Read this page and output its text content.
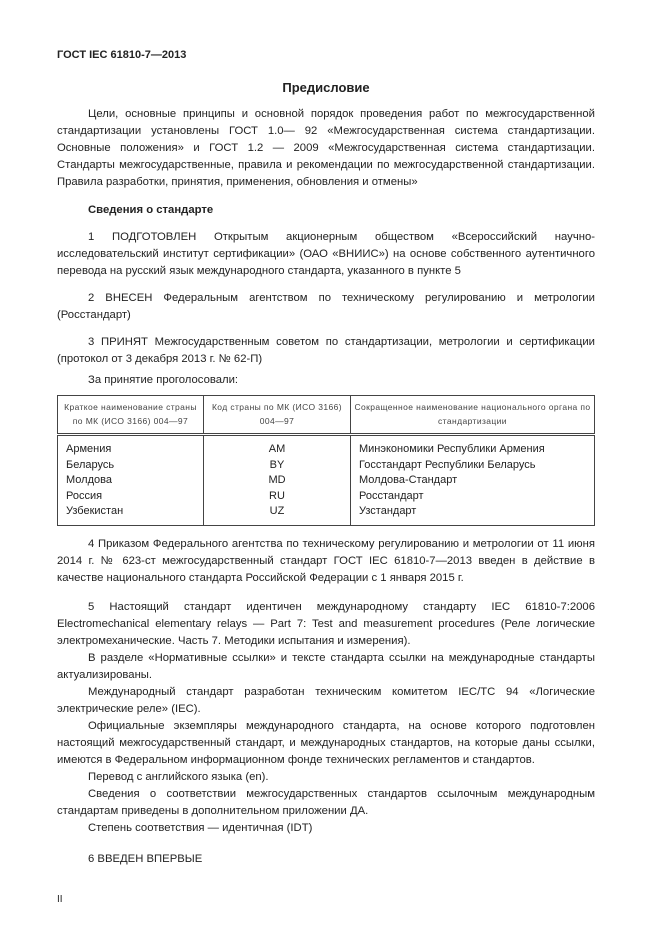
ГОСТ IEC 61810-7—2013
Предисловие

Цели, основные принципы и основной порядок проведения работ по межгосударственной стандартизации установлены ГОСТ 1.0— 92 «Межгосударственная система стандартизации. Основные положения» и ГОСТ 1.2 — 2009 «Межгосударственная система стандартизации. Стандарты межгосударственные, правила и рекомендации по межгосударственной стандартизации. Правила разработки, принятия, применения, обновления и отмены»

Сведения о стандарте

1 ПОДГОТОВЛЕН Открытым акционерным обществом «Всероссийский научно-исследовательский институт сертификации» (ОАО «ВНИИС») на основе собственного аутентичного перевода на русский язык международного стандарта, указанного в пункте 5

2 ВНЕСЕН Федеральным агентством по техническому регулированию и метрологии (Росстандарт)

3 ПРИНЯТ Межгосударственным советом по стандартизации, метрологии и сертификации (протокол от 3 декабря 2013 г. № 62-П)

За принятие проголосовали:

Краткое наименование страны по МК (ИСО 3166) 004—97	Код страны по МК (ИСО 3166) 004—97	Сокращенное наименование национального органа по стандартизации
Армения	AM	Минэкономики Республики Армения
Беларусь	BY	Госстандарт Республики Беларусь
Молдова	MD	Молдова-Стандарт
Россия	RU	Росстандарт
Узбекистан	UZ	Узстандарт

4 Приказом Федерального агентства по техническому регулированию и метрологии от 11 июня 2014 г. № 623-ст межгосударственный стандарт ГОСТ IEC 61810-7—2013 введен в действие в качестве национального стандарта Российской Федерации с 1 января 2015 г.

5 Настоящий стандарт идентичен международному стандарту IEC 61810-7:2006 Electromechanical elementary relays — Part 7: Test and measurement procedures (Реле логические электромеханические. Часть 7. Методики испытания и измерения).

В разделе «Нормативные ссылки» и тексте стандарта ссылки на международные стандарты актуализированы.

Международный стандарт разработан техническим комитетом IEC/TC 94 «Логические электрические реле» (IEC).

Официальные экземпляры международного стандарта, на основе которого подготовлен настоящий межгосударственный стандарт, и международных стандартов, на которые даны ссылки, имеются в Федеральном информационном фонде технических регламентов и стандартов.

Перевод с английского языка (en).

Сведения о соответствии межгосударственных стандартов ссылочным международным стандартам приведены в дополнительном приложении ДА.

Степень соответствия — идентичная (IDT)

6 ВВЕДЕН ВПЕРВЫЕ

II
